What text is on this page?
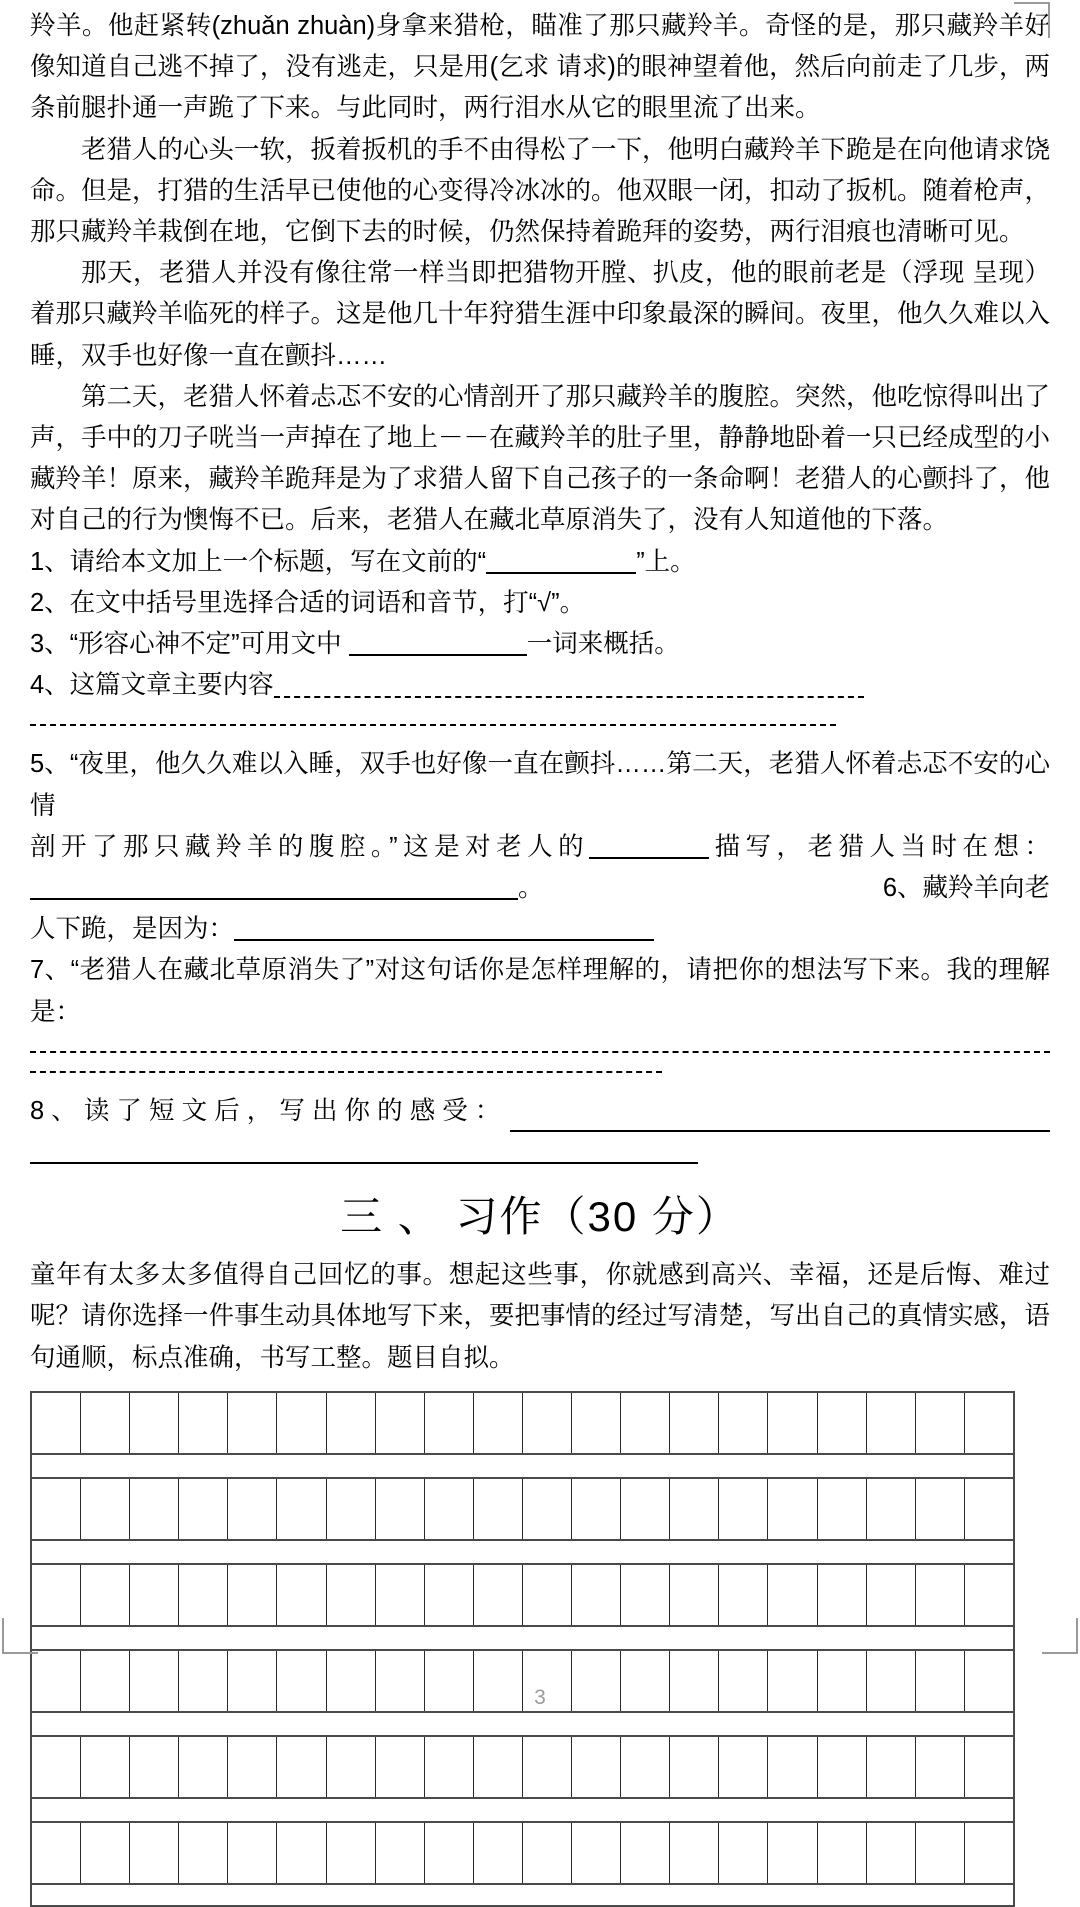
羚羊。他赶紧转(zhuǎn zhuàn)身拿来猎枪，瞄准了那只藏羚羊。奇怪的是，那只藏羚羊好像知道自己逃不掉了，没有逃走，只是用(乞求 请求)的眼神望着他，然后向前走了几步，两条前腿扑通一声跪了下来。与此同时，两行泪水从它的眼里流了出来。

老猎人的心头一软，扳着扳机的手不由得松了一下，他明白藏羚羊下跪是在向他请求饶命。但是，打猎的生活早已使他的心变得冷冰冰的。他双眼一闭，扣动了扳机。随着枪声，那只藏羚羊栽倒在地，它倒下去的时候，仍然保持着跪拜的姿势，两行泪痕也清晰可见。

那天，老猎人并没有像往常一样当即把猎物开膛、扒皮，他的眼前老是（浮现 呈现）着那只藏羚羊临死的样子。这是他几十年狩猎生涯中印象最深的瞬间。夜里，他久久难以入睡，双手也好像一直在颤抖……

第二天，老猎人怀着忐忑不安的心情剖开了那只藏羚羊的腹腔。突然，他吃惊得叫出了声，手中的刀子咣当一声掉在了地上－－在藏羚羊的肚子里，静静地卧着一只已经成型的小藏羚羊！原来，藏羚羊跪拜是为了求猎人留下自己孩子的一条命啊！老猎人的心颤抖了，他对自己的行为懊悔不已。后来，老猎人在藏北草原消失了，没有人知道他的下落。

1、请给本文加上一个标题，写在文前的“	”上。
2、在文中括号里选择合适的词语和音节，打“√”。
3、“形容心神不定”可用文中	一词来概括。
4、这篇文章主要内容
5、“夜里，他久久难以入睡，双手也好像一直在颤抖……第二天，老猎人怀着忐忑不安的心情
剖开了那只藏羚羊的腹腔。”这是对老人的	描写，老猎人当时在想：
。	6、藏羚羊向老
人下跪，是因为：
7、“老猎人在藏北草原消失了”对这句话你是怎样理解的，请把你的想法写下来。我的理解是：
8 、 读 了 短 文 后 ， 写 出 你 的 感 受 ：
三 、 习作（30 分）
童年有太多太多值得自己回忆的事。想起这些事，你就感到高兴、幸福，还是后悔、难过呢？请你选择一件事生动具体地写下来，要把事情的经过写清楚，写出自己的真情实感，语句通顺，标点准确，书写工整。题目自拟。
3
